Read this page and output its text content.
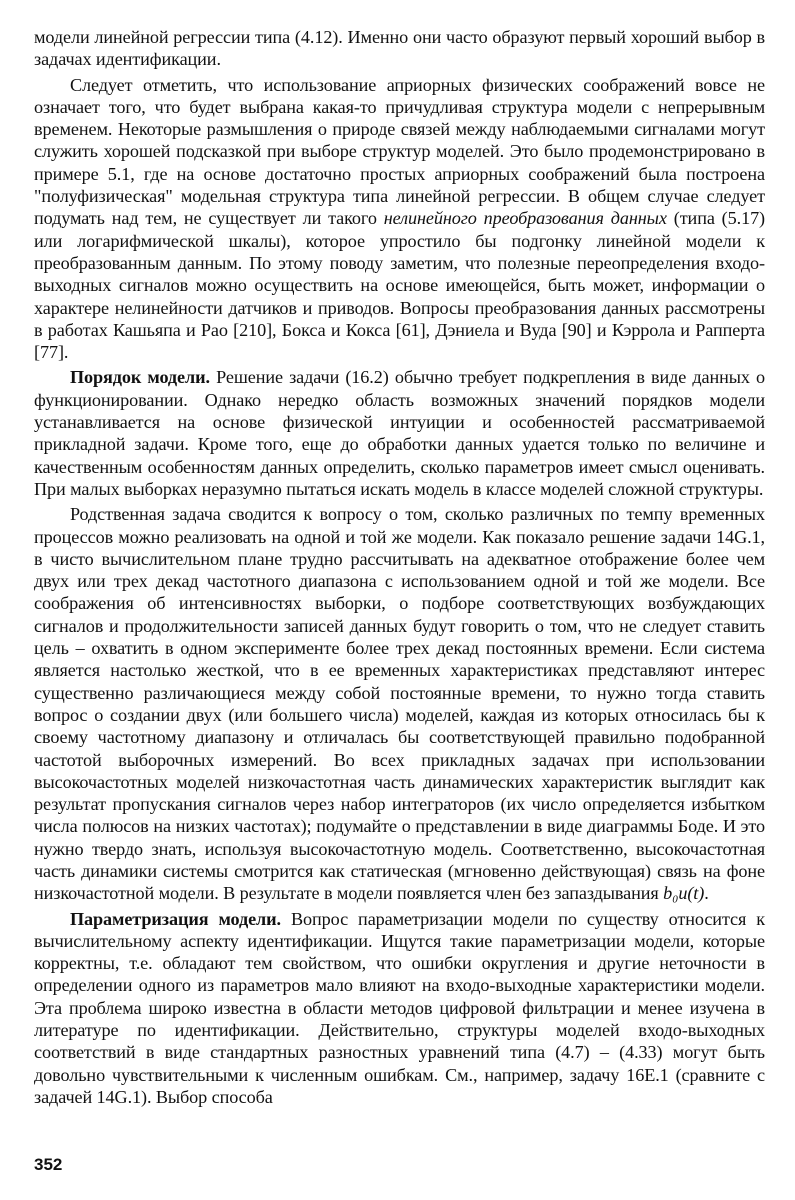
модели линейной регрессии типа (4.12). Именно они часто образуют первый хороший выбор в задачах идентификации.

Следует отметить, что использование априорных физических соображений вовсе не означает того, что будет выбрана какая-то причудливая структура модели с непрерывным временем. Некоторые размышления о природе связей между наблюдаемыми сигналами могут служить хорошей подсказкой при выборе структур моделей. Это было продемонстрировано в примере 5.1, где на основе достаточно простых априорных соображений была построена "полуфизическая" модельная структура типа линейной регрессии. В общем случае следует подумать над тем, не существует ли такого нелинейного преобразования данных (типа (5.17) или логарифмической шкалы), которое упростило бы подгонку линейной модели к преобразованным данным. По этому поводу заметим, что полезные переопределения входо-выходных сигналов можно осуществить на основе имеющейся, быть может, информации о характере нелинейности датчиков и приводов. Вопросы преобразования данных рассмотрены в работах Кашьяпа и Рао [210], Бокса и Кокса [61], Дэниела и Вуда [90] и Кэррола и Рапперта [77].

Порядок модели. Решение задачи (16.2) обычно требует подкрепления в виде данных о функционировании. Однако нередко область возможных значений порядков модели устанавливается на основе физической интуиции и особенностей рассматриваемой прикладной задачи. Кроме того, еще до обработки данных удается только по величине и качественным особенностям данных определить, сколько параметров имеет смысл оценивать. При малых выборках неразумно пытаться искать модель в классе моделей сложной структуры.

Родственная задача сводится к вопросу о том, сколько различных по темпу временных процессов можно реализовать на одной и той же модели. Как показало решение задачи 14G.1, в чисто вычислительном плане трудно рассчитывать на адекватное отображение более чем двух или трех декад частотного диапазона с использованием одной и той же модели. Все соображения об интенсивностях выборки, о подборе соответствующих возбуждающих сигналов и продолжительности записей данных будут говорить о том, что не следует ставить цель – охватить в одном эксперименте более трех декад постоянных времени. Если система является настолько жесткой, что в ее временных характеристиках представляют интерес существенно различающиеся между собой постоянные времени, то нужно тогда ставить вопрос о создании двух (или большего числа) моделей, каждая из которых относилась бы к своему частотному диапазону и отличалась бы соответствующей правильно подобранной частотой выборочных измерений. Во всех прикладных задачах при использовании высокочастотных моделей низкочастотная часть динамических характеристик выглядит как результат пропускания сигналов через набор интеграторов (их число определяется избытком числа полюсов на низких частотах); подумайте о представлении в виде диаграммы Боде. И это нужно твердо знать, используя высокочастотную модель. Соответственно, высокочастотная часть динамики системы смотрится как статическая (мгновенно действующая) связь на фоне низкочастотной модели. В результате в модели появляется член без запаздывания b₀u(t).

Параметризация модели. Вопрос параметризации модели по существу относится к вычислительному аспекту идентификации. Ищутся такие параметризации модели, которые корректны, т.е. обладают тем свойством, что ошибки округления и другие неточности в определении одного из параметров мало влияют на входо-выходные характеристики модели. Эта проблема широко известна в области методов цифровой фильтрации и менее изучена в литературе по идентификации. Действительно, структуры моделей входо-выходных соответствий в виде стандартных разностных уравнений типа (4.7) – (4.33) могут быть довольно чувствительными к численным ошибкам. См., например, задачу 16E.1 (сравните с задачей 14G.1). Выбор способа

352
